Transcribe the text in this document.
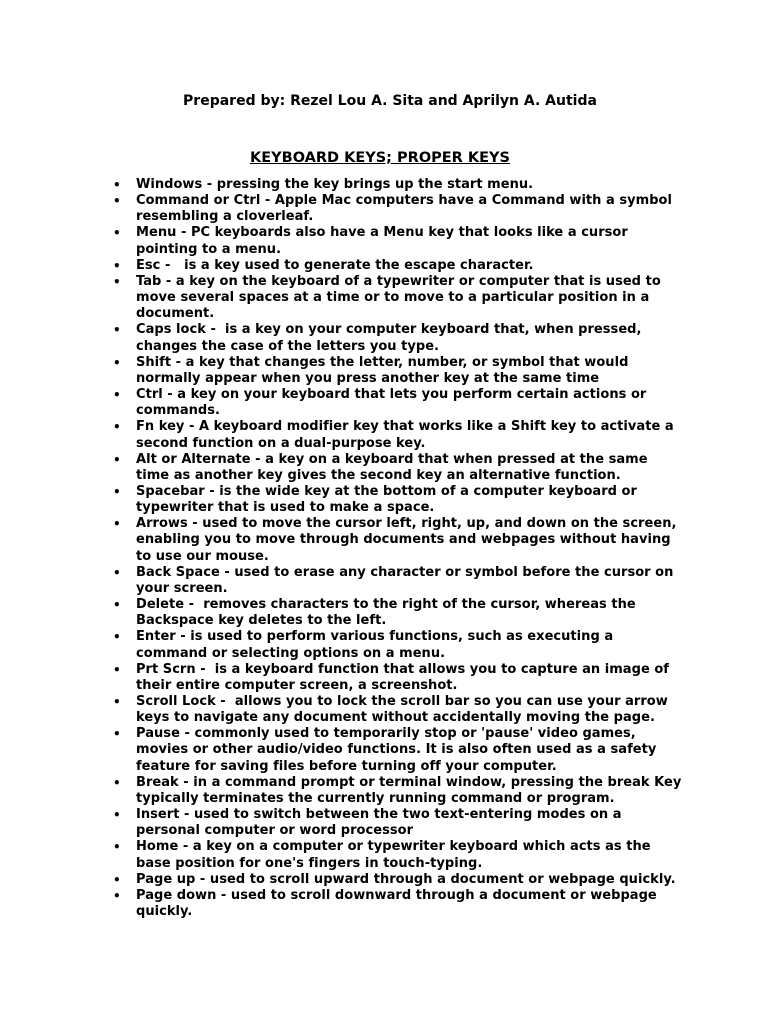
Prepared by: Rezel Lou A. Sita and Aprilyn A. Autida
KEYBOARD KEYS; PROPER KEYS
• Windows - pressing the key brings up the start menu.
• Command or Ctrl - Apple Mac computers have a Command with a symbol resembling a cloverleaf.
• Menu - PC keyboards also have a Menu key that looks like a cursor pointing to a menu.
• Esc -   is a key used to generate the escape character.
• Tab - a key on the keyboard of a typewriter or computer that is used to move several spaces at a time or to move to a particular position in a document.
• Caps lock -  is a key on your computer keyboard that, when pressed, changes the case of the letters you type.
• Shift - a key that changes the letter, number, or symbol that would normally appear when you press another key at the same time
• Ctrl - a key on your keyboard that lets you perform certain actions or commands.
• Fn key - A keyboard modifier key that works like a Shift key to activate a second function on a dual-purpose key.
• Alt or Alternate - a key on a keyboard that when pressed at the same time as another key gives the second key an alternative function.
• Spacebar - is the wide key at the bottom of a computer keyboard or typewriter that is used to make a space.
• Arrows - used to move the cursor left, right, up, and down on the screen, enabling you to move through documents and webpages without having to use our mouse.
• Back Space - used to erase any character or symbol before the cursor on your screen.
• Delete -  removes characters to the right of the cursor, whereas the Backspace key deletes to the left.
• Enter - is used to perform various functions, such as executing a command or selecting options on a menu.
• Prt Scrn -  is a keyboard function that allows you to capture an image of their entire computer screen, a screenshot.
• Scroll Lock -  allows you to lock the scroll bar so you can use your arrow keys to navigate any document without accidentally moving the page.
• Pause - commonly used to temporarily stop or 'pause' video games, movies or other audio/video functions. It is also often used as a safety feature for saving files before turning off your computer.
• Break - in a command prompt or terminal window, pressing the break Key typically terminates the currently running command or program.
• Insert - used to switch between the two text-entering modes on a personal computer or word processor
• Home - a key on a computer or typewriter keyboard which acts as the base position for one's fingers in touch-typing.
• Page up - used to scroll upward through a document or webpage quickly.
• Page down - used to scroll downward through a document or webpage quickly.
